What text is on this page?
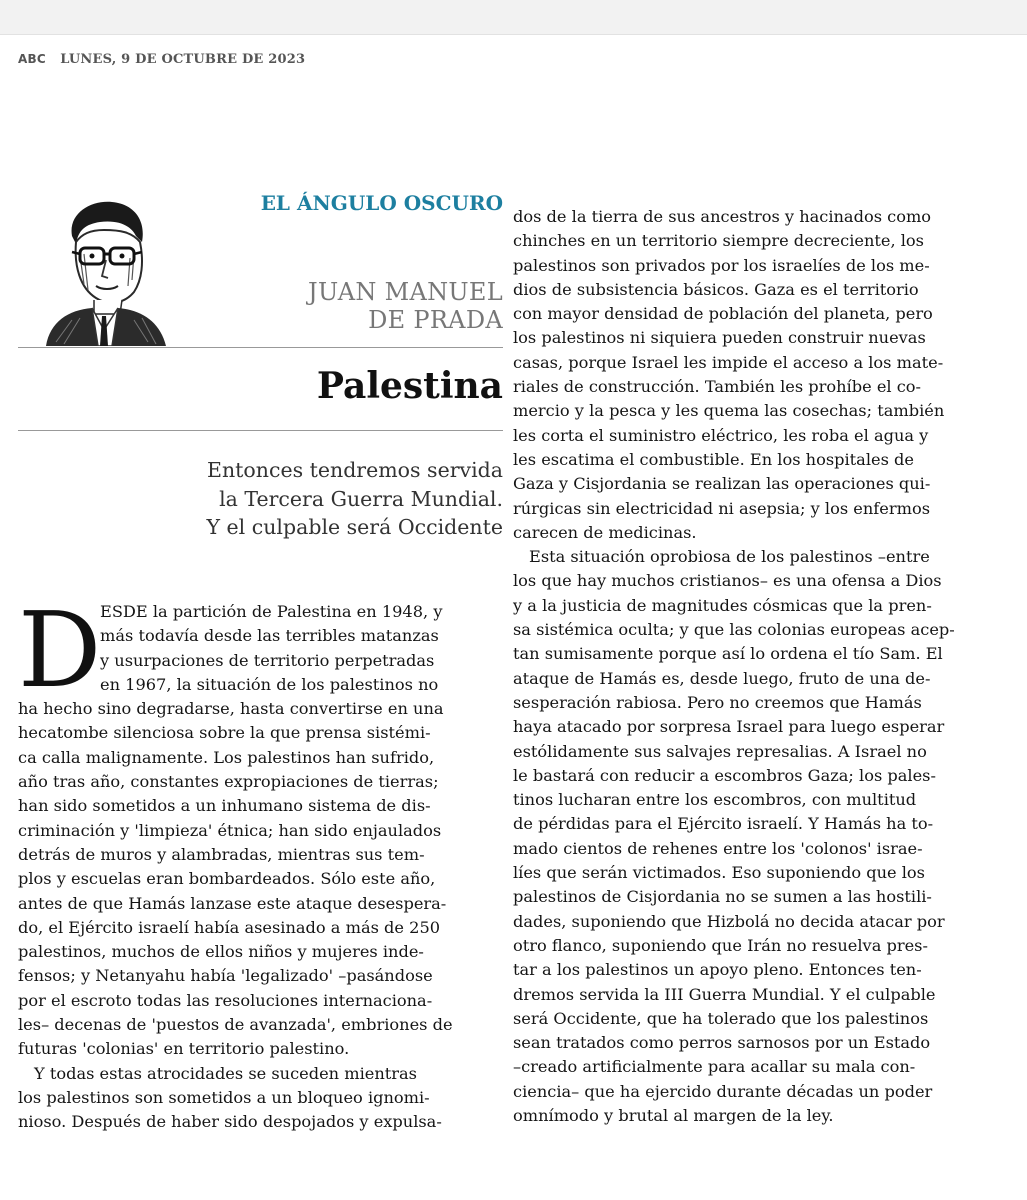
ABC LUNES, 9 DE OCTUBRE DE 2023
EL ÁNGULO OSCURO
JUAN MANUEL
DE PRADA
Palestina
Entonces tendremos servida
la Tercera Guerra Mundial.
Y el culpable será Occidente
D
ESDE la partición de Palestina en 1948, y
más todavía desde las terribles matanzas
y usurpaciones de territorio perpetradas
en 1967, la situación de los palestinos no
ha hecho sino degradarse, hasta convertirse en una
hecatombe silenciosa sobre la que prensa sistémi-
ca calla malignamente. Los palestinos han sufrido,
año tras año, constantes expropiaciones de tierras;
han sido sometidos a un inhumano sistema de dis-
criminación y 'limpieza' étnica; han sido enjaulados
detrás de muros y alambradas, mientras sus tem-
plos y escuelas eran bombardeados. Sólo este año,
antes de que Hamás lanzase este ataque desespera-
do, el Ejército israelí había asesinado a más de 250
palestinos, muchos de ellos niños y mujeres inde-
fensos; y Netanyahu había 'legalizado' –pasándose
por el escroto todas las resoluciones internaciona-
les– decenas de 'puestos de avanzada', embriones de
futuras 'colonias' en territorio palestino.
Y todas estas atrocidades se suceden mientras
los palestinos son sometidos a un bloqueo ignomi-
nioso. Después de haber sido despojados y expulsa-
dos de la tierra de sus ancestros y hacinados como
chinches en un territorio siempre decreciente, los
palestinos son privados por los israelíes de los me-
dios de subsistencia básicos. Gaza es el territorio
con mayor densidad de población del planeta, pero
los palestinos ni siquiera pueden construir nuevas
casas, porque Israel les impide el acceso a los mate-
riales de construcción. También les prohíbe el co-
mercio y la pesca y les quema las cosechas; también
les corta el suministro eléctrico, les roba el agua y
les escatima el combustible. En los hospitales de
Gaza y Cisjordania se realizan las operaciones qui-
rúrgicas sin electricidad ni asepsia; y los enfermos
carecen de medicinas.
Esta situación oprobiosa de los palestinos –entre
los que hay muchos cristianos– es una ofensa a Dios
y a la justicia de magnitudes cósmicas que la pren-
sa sistémica oculta; y que las colonias europeas acep-
tan sumisamente porque así lo ordena el tío Sam. El
ataque de Hamás es, desde luego, fruto de una de-
sesperación rabiosa. Pero no creemos que Hamás
haya atacado por sorpresa Israel para luego esperar
estólidamente sus salvajes represalias. A Israel no
le bastará con reducir a escombros Gaza; los pales-
tinos lucharan entre los escombros, con multitud
de pérdidas para el Ejército israelí. Y Hamás ha to-
mado cientos de rehenes entre los 'colonos' israe-
líes que serán victimados. Eso suponiendo que los
palestinos de Cisjordania no se sumen a las hostili-
dades, suponiendo que Hizbolá no decida atacar por
otro flanco, suponiendo que Irán no resuelva pres-
tar a los palestinos un apoyo pleno. Entonces ten-
dremos servida la III Guerra Mundial. Y el culpable
será Occidente, que ha tolerado que los palestinos
sean tratados como perros sarnosos por un Estado
–creado artificialmente para acallar su mala con-
ciencia– que ha ejercido durante décadas un poder
omnímodo y brutal al margen de la ley.
